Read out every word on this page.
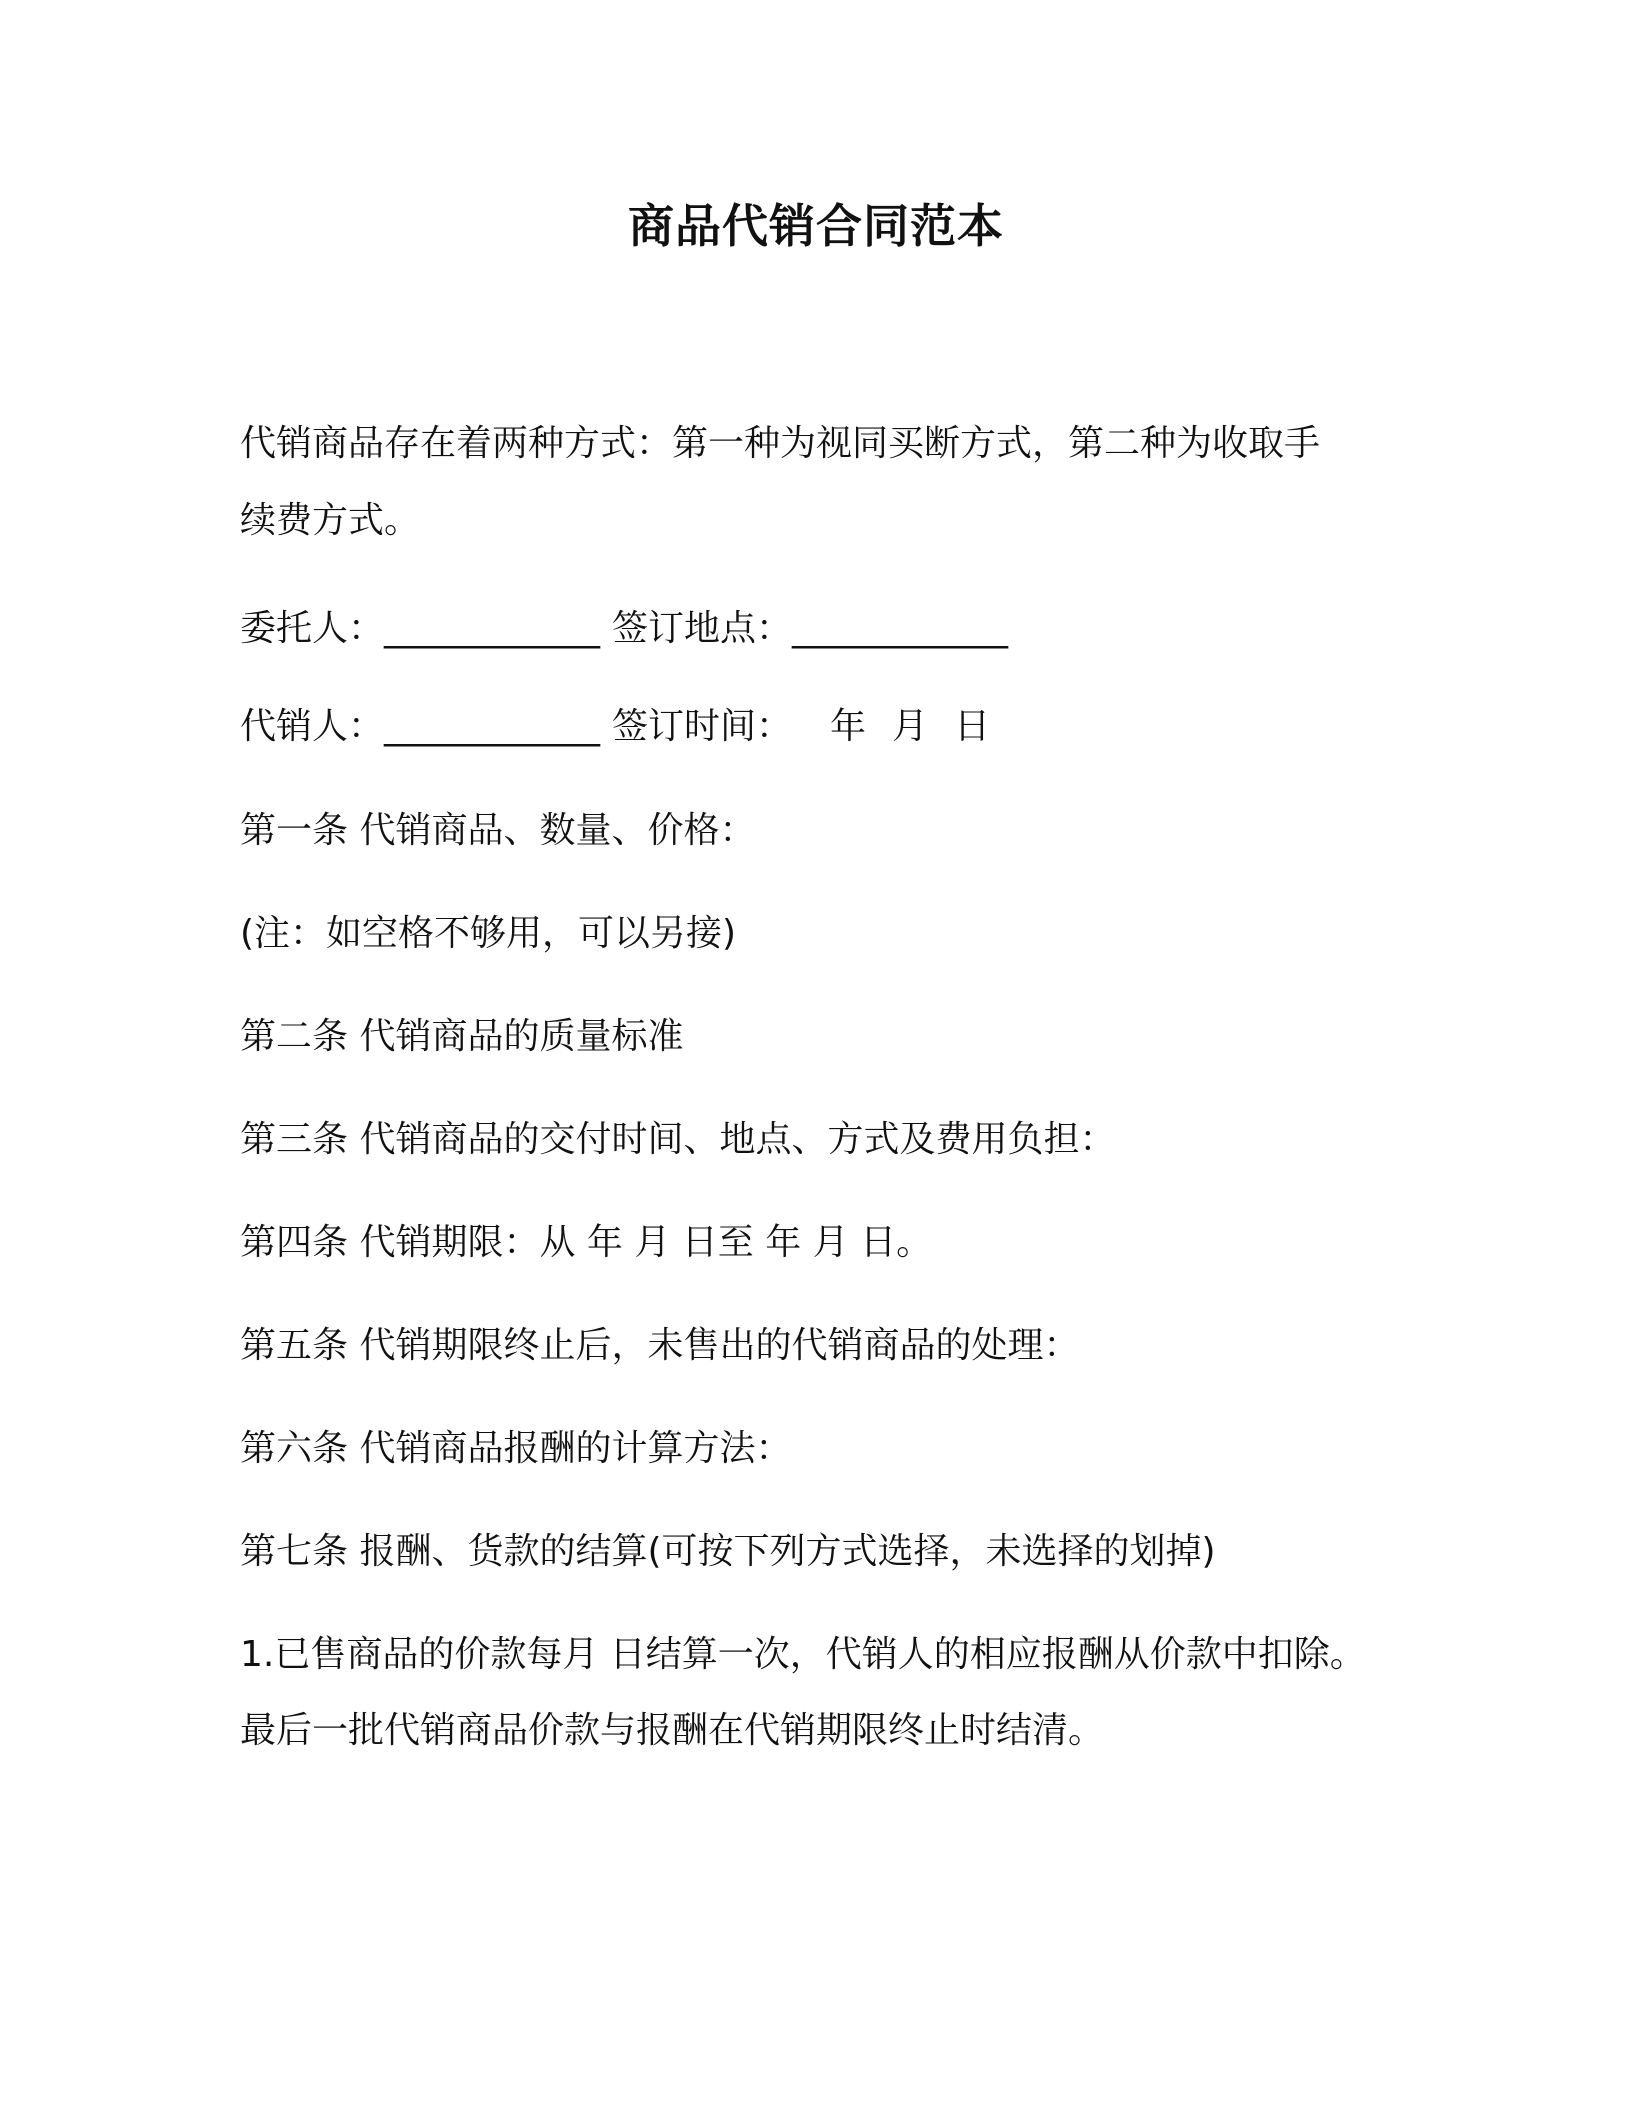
商品代销合同范本
代销商品存在着两种方式：第一种为视同买断方式，第二种为收取手
续费方式。
委托人：____________ 签订地点：____________
代销人：____________ 签订时间： 年 月 日
第一条 代销商品、数量、价格：
(注：如空格不够用，可以另接)
第二条 代销商品的质量标准
第三条 代销商品的交付时间、地点、方式及费用负担：
第四条 代销期限：从 年 月 日至 年 月 日。
第五条 代销期限终止后，未售出的代销商品的处理：
第六条 代销商品报酬的计算方法：
第七条 报酬、货款的结算(可按下列方式选择，未选择的划掉)
1.已售商品的价款每月 日结算一次，代销人的相应报酬从价款中扣除。
最后一批代销商品价款与报酬在代销期限终止时结清。
